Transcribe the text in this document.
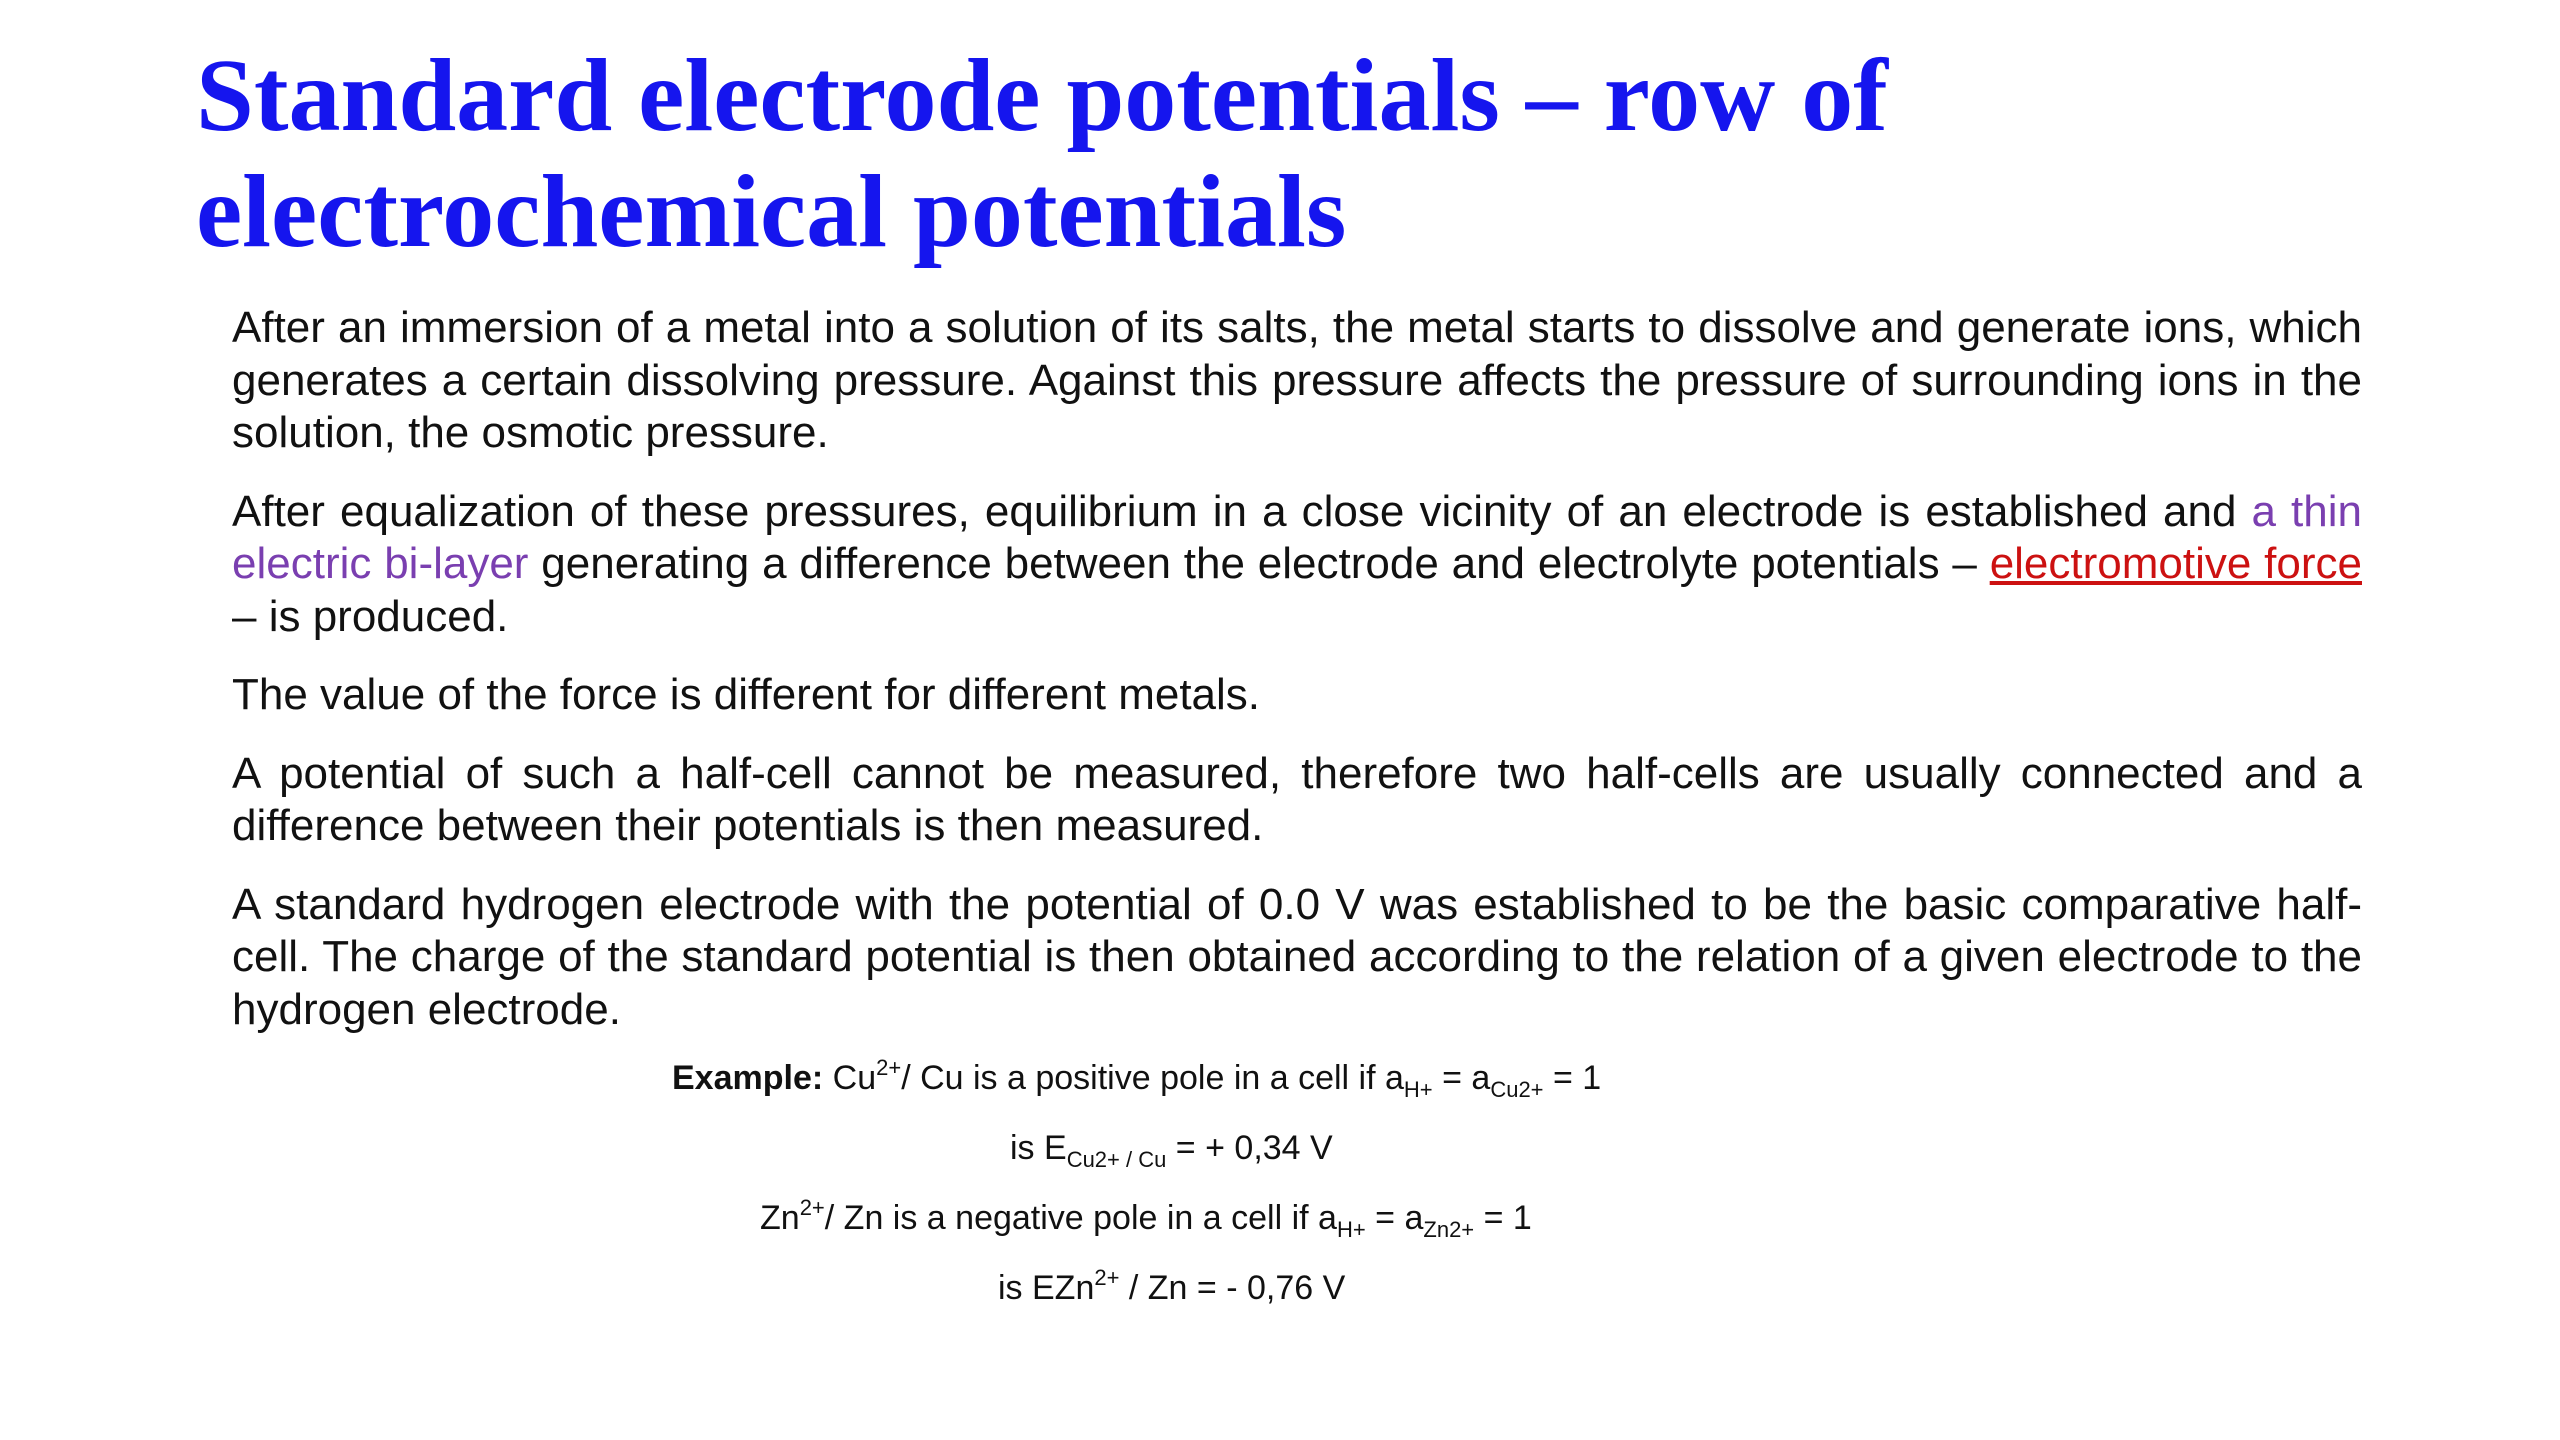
Standard electrode potentials – row of electrochemical potentials

After an immersion of a metal into a solution of its salts, the metal starts to dissolve and generate ions, which generates a certain dissolving pressure. Against this pressure affects the pressure of surrounding ions in the solution, the osmotic pressure.

After equalization of these pressures, equilibrium in a close vicinity of an electrode is established and a thin electric bi-layer generating a difference between the electrode and electrolyte potentials – electromotive force – is produced.

The value of the force is different for different metals.

A potential of such a half-cell cannot be measured, therefore two half-cells are usually connected and a difference between their potentials is then measured.

A standard hydrogen electrode with the potential of 0.0 V was established to be the basic comparative half-cell. The charge of the standard potential is then obtained according to the relation of a given electrode to the hydrogen electrode.

Example: $Cu^{2+}/$ Cu is a positive pole in a cell if $a_{H+} = a_{Cu2+} = 1$
is $E_{Cu2+ / Cu}$ = + 0,34 V
$Zn^{2+}/$ Zn is a negative pole in a cell if $a_{H+} = a_{Zn2+} = 1$
is EZn$^{2+}$ / Zn = - 0,76 V
